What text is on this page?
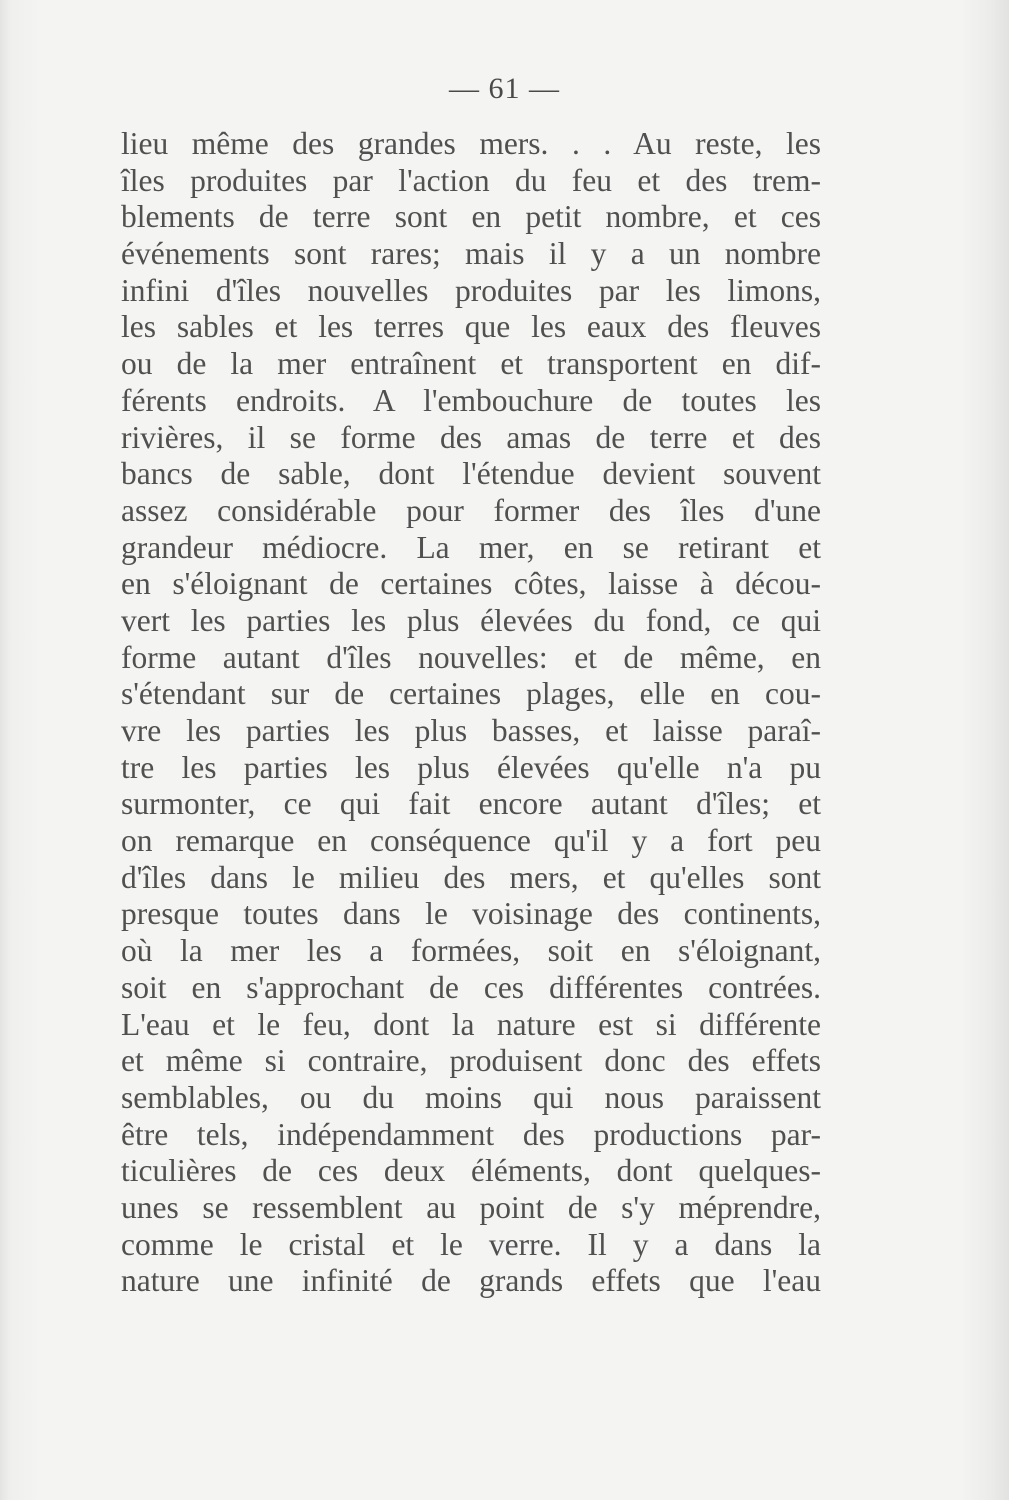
— 61 —
lieu même des grandes mers. . . Au reste, les
îles produites par l'action du feu et des trem-
blements de terre sont en petit nombre, et ces
événements sont rares; mais il y a un nombre
infini d'îles nouvelles produites par les limons,
les sables et les terres que les eaux des fleuves
ou de la mer entraînent et transportent en dif-
férents endroits. A l'embouchure de toutes les
rivières, il se forme des amas de terre et des
bancs de sable, dont l'étendue devient souvent
assez considérable pour former des îles d'une
grandeur médiocre. La mer, en se retirant et
en s'éloignant de certaines côtes, laisse à décou-
vert les parties les plus élevées du fond, ce qui
forme autant d'îles nouvelles: et de même, en
s'étendant sur de certaines plages, elle en cou-
vre les parties les plus basses, et laisse paraî-
tre les parties les plus élevées qu'elle n'a pu
surmonter, ce qui fait encore autant d'îles; et
on remarque en conséquence qu'il y a fort peu
d'îles dans le milieu des mers, et qu'elles sont
presque toutes dans le voisinage des continents,
où la mer les a formées, soit en s'éloignant,
soit en s'approchant de ces différentes contrées.
L'eau et le feu, dont la nature est si différente
et même si contraire, produisent donc des effets
semblables, ou du moins qui nous paraissent
être tels, indépendamment des productions par-
ticulières de ces deux éléments, dont quelques-
unes se ressemblent au point de s'y méprendre,
comme le cristal et le verre. Il y a dans la
nature une infinité de grands effets que l'eau
